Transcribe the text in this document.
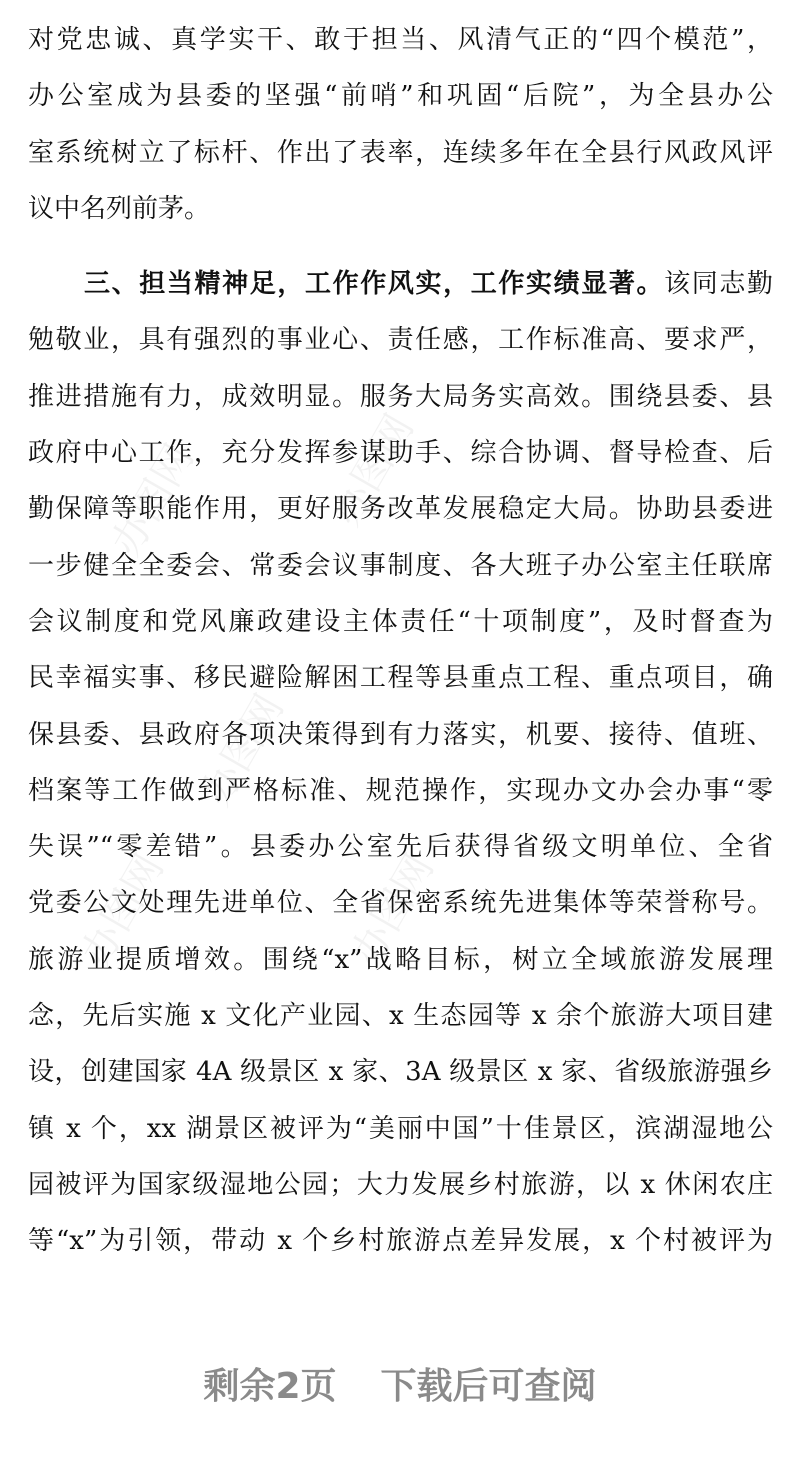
办图网	办图网
办图网
办图网	办图网
对党忠诚、真学实干、敢于担当、风清气正的“四个模范”，
办公室成为县委的坚强“前哨”和巩固“后院”，为全县办公
室系统树立了标杆、作出了表率，连续多年在全县行风政风评
议中名列前茅。
三、担当精神足，工作作风实，工作实绩显著。该同志勤
勉敬业，具有强烈的事业心、责任感，工作标准高、要求严，
推进措施有力，成效明显。服务大局务实高效。围绕县委、县
政府中心工作，充分发挥参谋助手、综合协调、督导检查、后
勤保障等职能作用，更好服务改革发展稳定大局。协助县委进
一步健全全委会、常委会议事制度、各大班子办公室主任联席
会议制度和党风廉政建设主体责任“十项制度”，及时督查为
民幸福实事、移民避险解困工程等县重点工程、重点项目，确
保县委、县政府各项决策得到有力落实，机要、接待、值班、
档案等工作做到严格标准、规范操作，实现办文办会办事“零
失误”“零差错”。县委办公室先后获得省级文明单位、全省
党委公文处理先进单位、全省保密系统先进集体等荣誉称号。
旅游业提质增效。围绕“x”战略目标，树立全域旅游发展理
念，先后实施 x 文化产业园、x 生态园等 x 余个旅游大项目建
设，创建国家 4A 级景区 x 家、3A 级景区 x 家、省级旅游强乡
镇 x 个，xx 湖景区被评为“美丽中国”十佳景区，滨湖湿地公
园被评为国家级湿地公园；大力发展乡村旅游，以 x 休闲农庄
等“x”为引领，带动 x 个乡村旅游点差异发展，x 个村被评为
剩余2页 下载后可查阅
